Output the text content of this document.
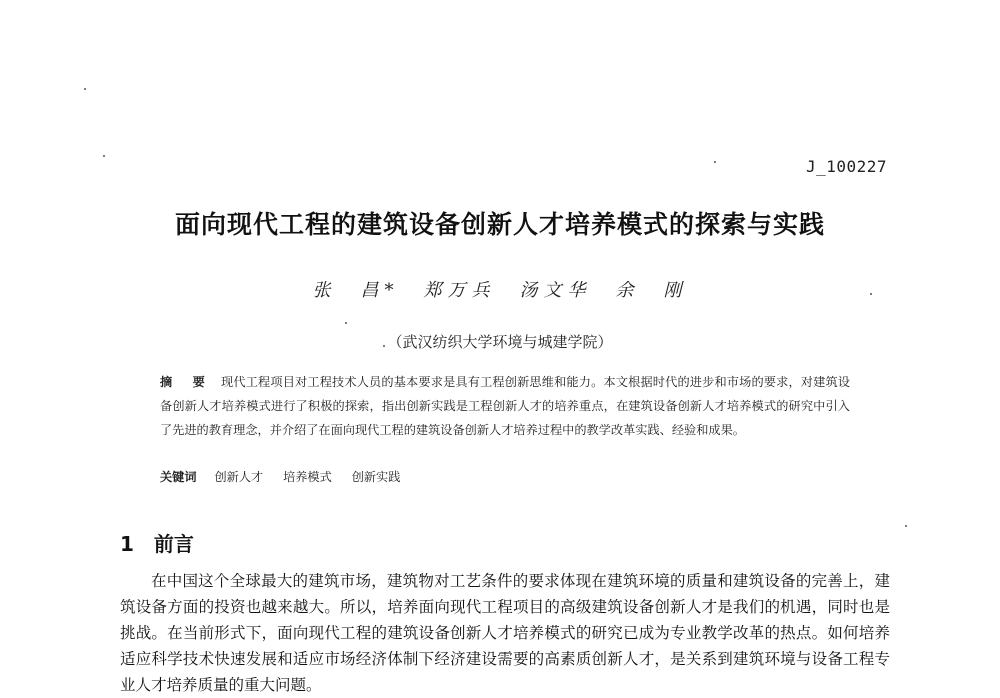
J_100227
面向现代工程的建筑设备创新人才培养模式的探索与实践
张　昌*　郑万兵　汤文华　余　刚
（武汉纺织大学环境与城建学院）
摘　要 现代工程项目对工程技术人员的基本要求是具有工程创新思维和能力。本文根据时代的进步和市场的要求，对建筑设备创新人才培养模式进行了积极的探索，指出创新实践是工程创新人才的培养重点，在建筑设备创新人才培养模式的研究中引入了先进的教育理念，并介绍了在面向现代工程的建筑设备创新人才培养过程中的教学改革实践、经验和成果。
关键词 创新人才 培养模式 创新实践
1 前言
在中国这个全球最大的建筑市场，建筑物对工艺条件的要求体现在建筑环境的质量和建筑设备的完善上，建筑设备方面的投资也越来越大。所以，培养面向现代工程项目的高级建筑设备创新人才是我们的机遇，同时也是挑战。在当前形式下，面向现代工程的建筑设备创新人才培养模式的研究已成为专业教学改革的热点。如何培养适应科学技术快速发展和适应市场经济体制下经济建设需要的高素质创新人才，是关系到建筑环境与设备工程专业人才培养质量的重大问题。
